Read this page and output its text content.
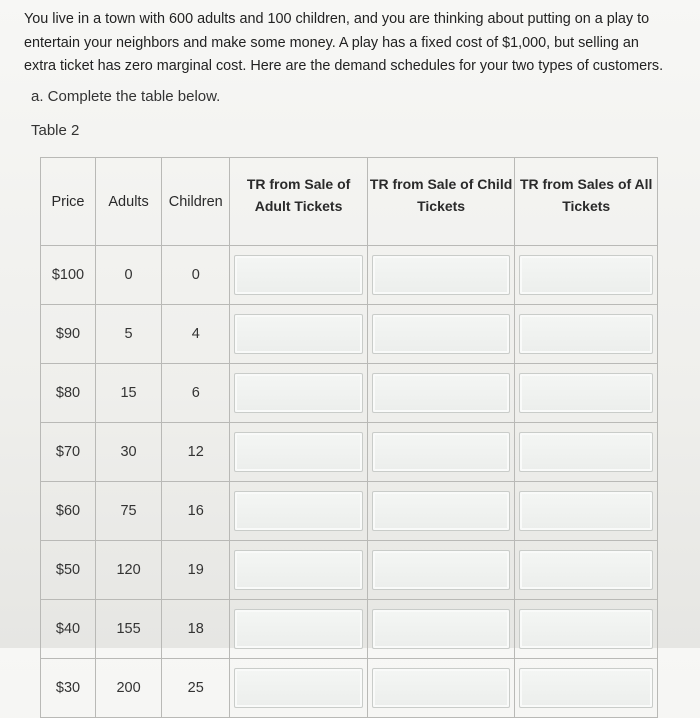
You live in a town with 600 adults and 100 children, and you are thinking about putting on a play to

entertain your neighbors and make some money. A play has a fixed cost of $1,000, but selling an

extra ticket has zero marginal cost. Here are the demand schedules for your two types of customers.

a. Complete the table below.
Table 2
Price	Adults	Children	TR from Sale of Adult Tickets	TR from Sale of Child Tickets	TR from Sales of All Tickets
$100	0	0	

$90	5	4	

$80	15	6	

$70	30	12	

$60	75	16	

$50	120	19	

$40	155	18	

$30	200	25	
